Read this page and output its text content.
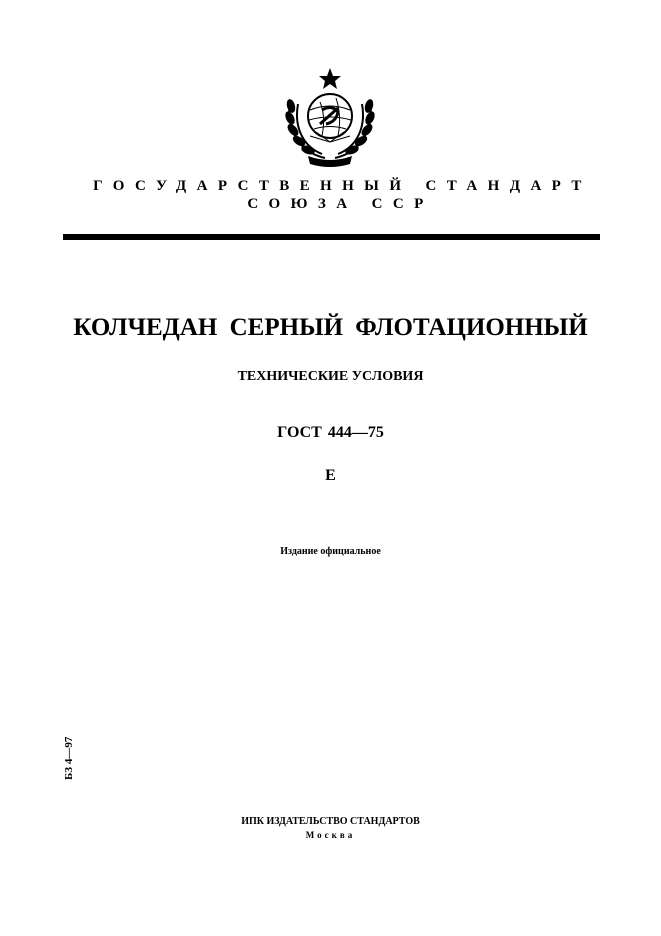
ГОСУДАРСТВЕННЫЙ СТАНДАРТ
СОЮЗА ССР
КОЛЧЕДАН СЕРНЫЙ ФЛОТАЦИОННЫЙ
ТЕХНИЧЕСКИЕ УСЛОВИЯ
ГОСТ 444—75
Е
Издание официальное
БЗ 4—97
ИПК ИЗДАТЕЛЬСТВО СТАНДАРТОВ
Москва
